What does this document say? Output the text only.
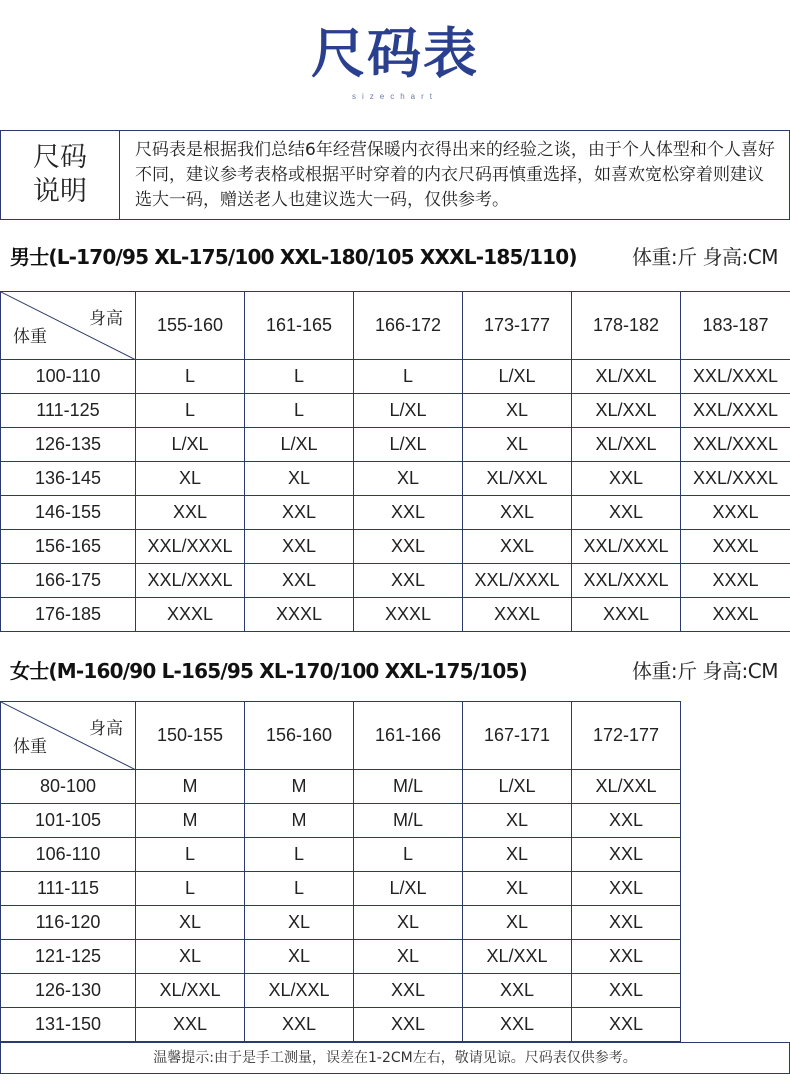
尺码表
sizechart
尺码
说明
尺码表是根据我们总结6年经营保暖内衣得出来的经验之谈，由于个人体型和个人喜好不同，建议参考表格或根据平时穿着的内衣尺码再慎重选择，如喜欢宽松穿着则建议选大一码，赠送老人也建议选大一码，仅供参考。
男士(L-170/95 XL-175/100 XXL-180/105 XXXL-185/110)	体重:斤 身高:CM
身高
体重	155-160	161-165	166-172	173-177	178-182	183-187
100-110	L	L	L	L/XL	XL/XXL	XXL/XXXL
111-125	L	L	L/XL	XL	XL/XXL	XXL/XXXL
126-135	L/XL	L/XL	L/XL	XL	XL/XXL	XXL/XXXL
136-145	XL	XL	XL	XL/XXL	XXL	XXL/XXXL
146-155	XXL	XXL	XXL	XXL	XXL	XXXL
156-165	XXL/XXXL	XXL	XXL	XXL	XXL/XXXL	XXXL
166-175	XXL/XXXL	XXL	XXL	XXL/XXXL	XXL/XXXL	XXXL
176-185	XXXL	XXXL	XXXL	XXXL	XXXL	XXXL
女士(M-160/90 L-165/95 XL-170/100 XXL-175/105)	体重:斤 身高:CM
身高
体重	150-155	156-160	161-166	167-171	172-177	
80-100	M	M	M/L	L/XL	XL/XXL	
101-105	M	M	M/L	XL	XXL	
106-110	L	L	L	XL	XXL	
111-115	L	L	L/XL	XL	XXL	
116-120	XL	XL	XL	XL	XXL	
121-125	XL	XL	XL	XL/XXL	XXL	
126-130	XL/XXL	XL/XXL	XXL	XXL	XXL	
131-150	XXL	XXL	XXL	XXL	XXL	
温馨提示:由于是手工测量，误差在1-2CM左右，敬请见谅。尺码表仅供参考。
